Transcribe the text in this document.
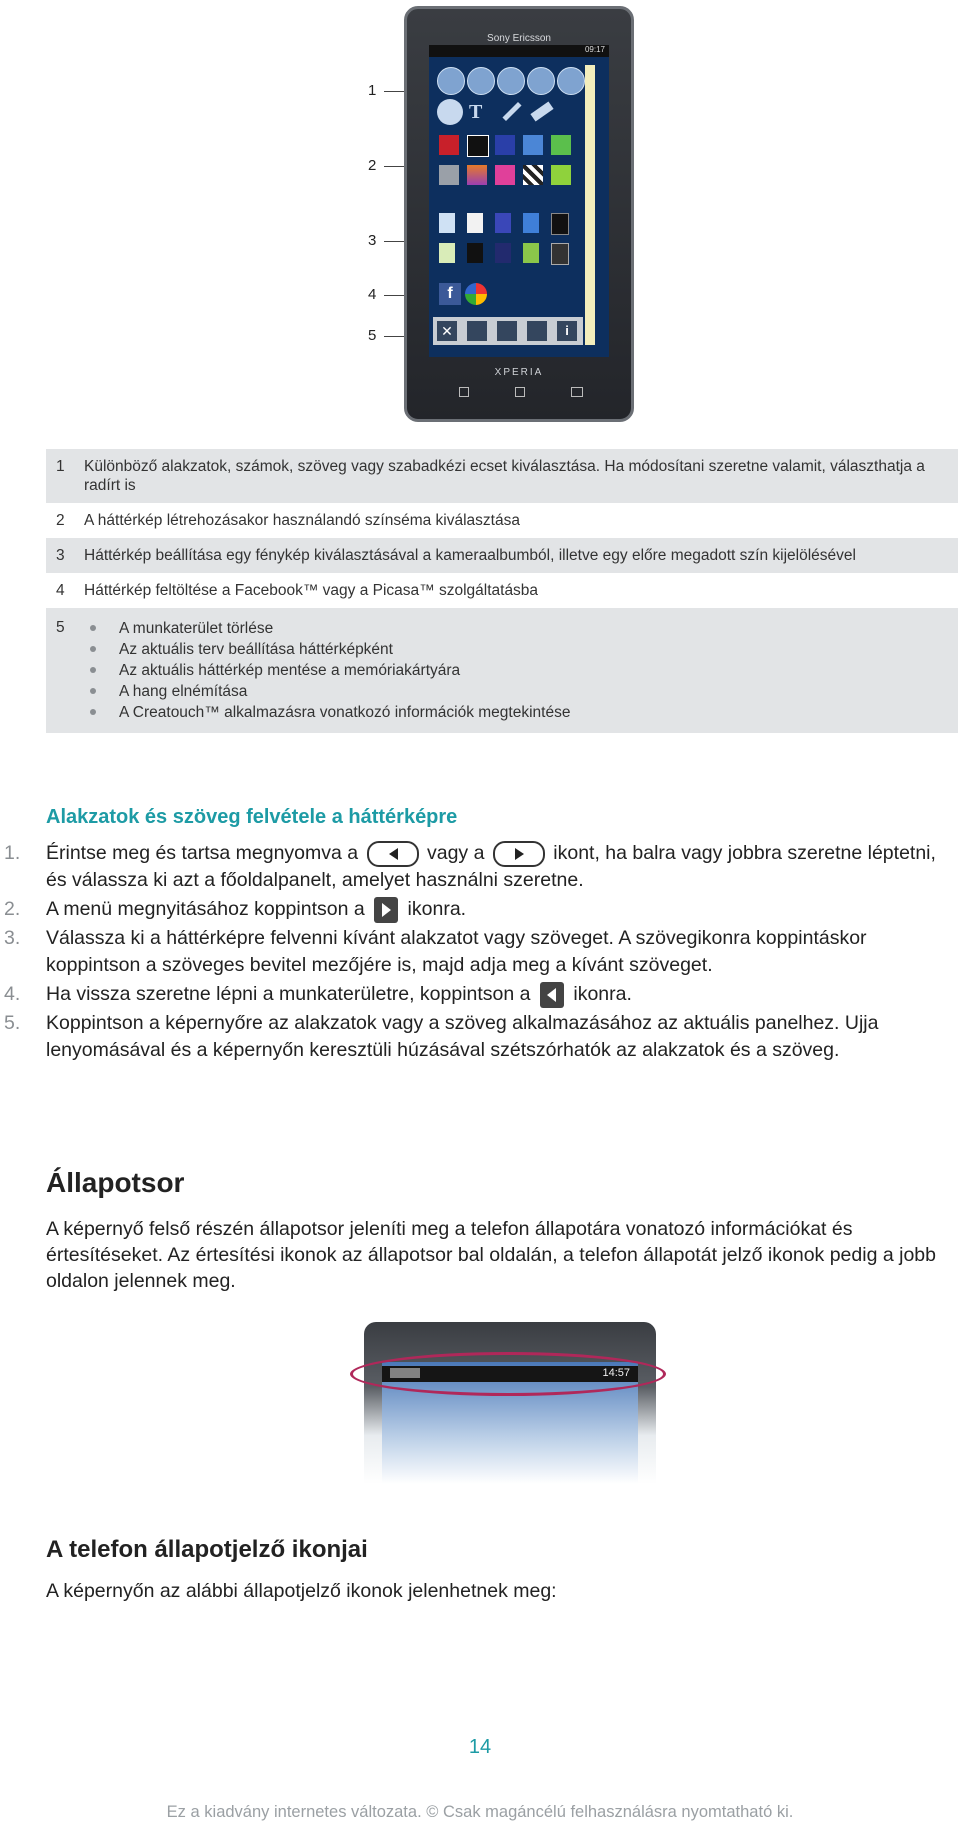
1
2
3
4
5
Sony Ericsson
09:17
T
f
✕	i
XPERIA
1	Különböző alakzatok, számok, szöveg vagy szabadkézi ecset kiválasztása. Ha módosítani szeretne valamit, választhatja a radírt is
2	A háttérkép létrehozásakor használandó színséma kiválasztása
3	Háttérkép beállítása egy fénykép kiválasztásával a kameraalbumból, illetve egy előre megadott szín kijelölésével
4	Háttérkép feltöltése a Facebook™ vagy a Picasa™ szolgáltatásba
5	A munkaterület törlése
Az aktuális terv beállítása háttérképként
Az aktuális háttérkép mentése a memóriakártyára
A hang elnémítása
A Creatouch™ alkalmazásra vonatkozó információk megtekintése
Alakzatok és szöveg felvétele a háttérképre
1. Érintse meg és tartsa megnyomva a	vagy a	ikont, ha balra vagy jobbra szeretne léptetni, és válassza ki azt a főoldalpanelt, amelyet használni szeretne.
2. A menü megnyitásához koppintson a ikonra.
3. Válassza ki a háttérképre felvenni kívánt alakzatot vagy szöveget. A szövegikonra koppintáskor koppintson a szöveges bevitel mezőjére is, majd adja meg a kívánt szöveget.
4. Ha vissza szeretne lépni a munkaterületre, koppintson a ikonra.
5. Koppintson a képernyőre az alakzatok vagy a szöveg alkalmazásához az aktuális panelhez. Ujja lenyomásával és a képernyőn keresztüli húzásával szétszórhatók az alakzatok és a szöveg.
Állapotsor
A képernyő felső részén állapotsor jeleníti meg a telefon állapotára vonatozó információkat és értesítéseket. Az értesítési ikonok az állapotsor bal oldalán, a telefon állapotát jelző ikonok pedig a jobb oldalon jelennek meg.
14:57
A telefon állapotjelző ikonjai
A képernyőn az alábbi állapotjelző ikonok jelenhetnek meg:
14
Ez a kiadvány internetes változata. © Csak magáncélú felhasználásra nyomtatható ki.
